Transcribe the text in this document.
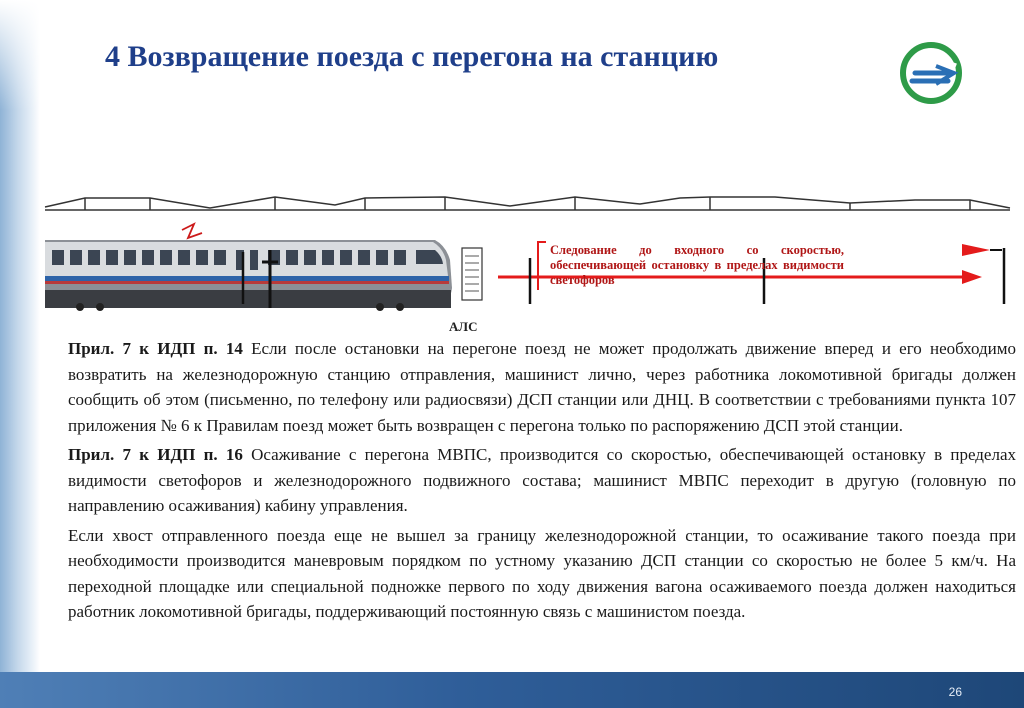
4 Возвращение поезда с перегона на станцию

Следование до входного со скоростью, обеспечивающей остановку в пределах видимости светофоров

АЛС

Прил. 7 к ИДП п. 14 Если после остановки на перегоне поезд не может продолжать движение вперед и его необходимо возвратить на железнодорожную станцию отправления, машинист лично, через работника локомотивной бригады должен сообщить об этом (письменно, по телефону или радиосвязи) ДСП станции или ДНЦ. В соответствии с требованиями пункта 107 приложения № 6 к Правилам поезд может быть возвращен с перегона только по распоряжению ДСП этой станции.

Прил. 7 к ИДП п. 16 Осаживание с перегона МВПС, производится со скоростью, обеспечивающей остановку в пределах видимости светофоров и железнодорожного подвижного состава; машинист МВПС переходит в другую (головную по направлению осаживания) кабину управления.

Если хвост отправленного поезда еще не вышел за границу железнодорожной станции, то осаживание такого поезда при необходимости производится маневровым порядком по устному указанию ДСП станции со скоростью не более 5 км/ч. На переходной площадке или специальной подножке первого по ходу движения вагона осаживаемого поезда должен находиться работник локомотивной бригады, поддерживающий постоянную связь с машинистом поезда.

26
